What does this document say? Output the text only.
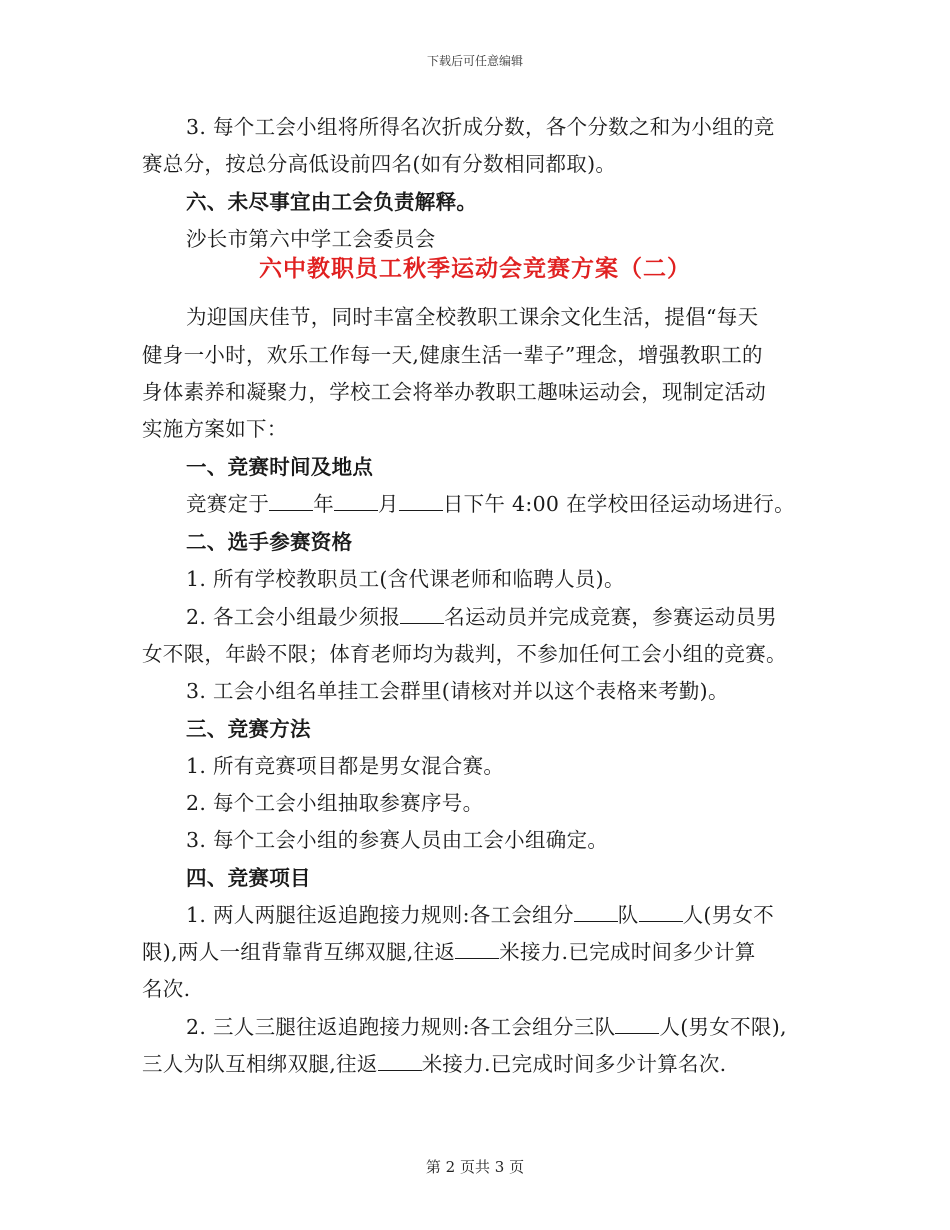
下载后可任意编辑
3. 每个工会小组将所得名次折成分数，各个分数之和为小组的竞
赛总分，按总分高低设前四名(如有分数相同都取)。
六、未尽事宜由工会负责解释。
沙长市第六中学工会委员会
六中教职员工秋季运动会竞赛方案（二）
为迎国庆佳节，同时丰富全校教职工课余文化生活，提倡“每天
健身一小时，欢乐工作每一天,健康生活一辈子”理念，增强教职工的
身体素养和凝聚力，学校工会将举办教职工趣味运动会，现制定活动
实施方案如下：
一、竞赛时间及地点
竞赛定于 年 月 日下午 4:00 在学校田径运动场进行。
二、选手参赛资格
1. 所有学校教职员工(含代课老师和临聘人员)。
2. 各工会小组最少须报 名运动员并完成竞赛，参赛运动员男
女不限，年龄不限；体育老师均为裁判，不参加任何工会小组的竞赛。
3. 工会小组名单挂工会群里(请核对并以这个表格来考勤)。
三、竞赛方法
1. 所有竞赛项目都是男女混合赛。
2. 每个工会小组抽取参赛序号。
3. 每个工会小组的参赛人员由工会小组确定。
四、竞赛项目
1. 两人两腿往返追跑接力规则:各工会组分 队 人(男女不
限),两人一组背靠背互绑双腿,往返 米接力.已完成时间多少计算
名次.
2. 三人三腿往返追跑接力规则:各工会组分三队 人(男女不限),
三人为队互相绑双腿,往返 米接力.已完成时间多少计算名次.
第 2 页共 3 页
